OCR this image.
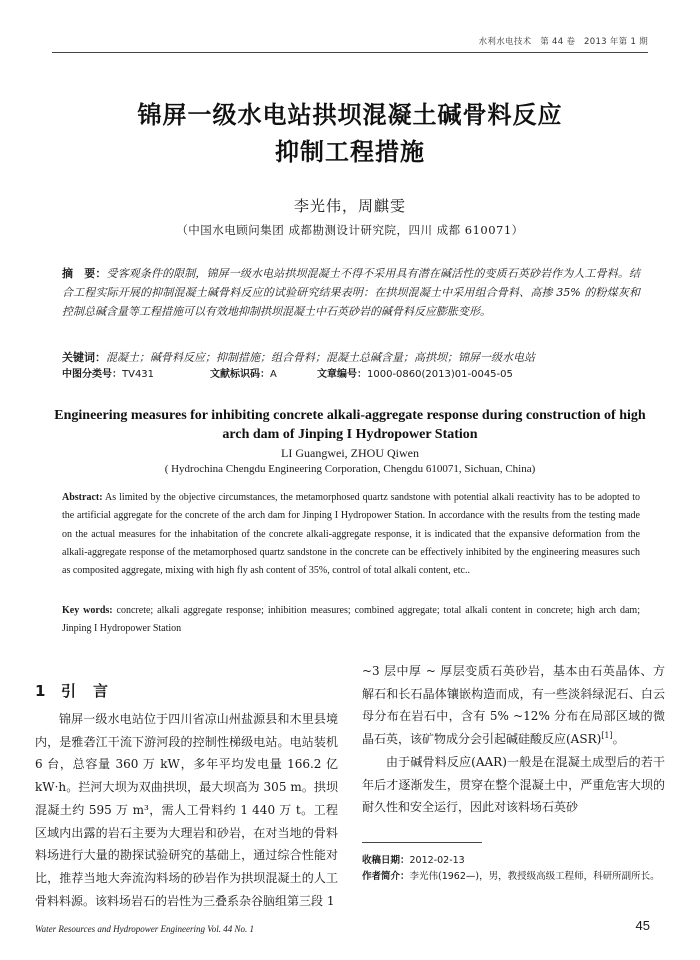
水利水电技术　第 44 卷　2013 年第 1 期
锦屏一级水电站拱坝混凝土碱骨料反应
抑制工程措施
李光伟，周麒雯
（中国水电顾问集团 成都勘测设计研究院，四川 成都 610071）
摘　要：受客观条件的限制，锦屏一级水电站拱坝混凝土不得不采用具有潜在碱活性的变质石英砂岩作为人工骨料。结合工程实际开展的抑制混凝土碱骨料反应的试验研究结果表明：在拱坝混凝土中采用组合骨料、高掺 35% 的粉煤灰和控制总碱含量等工程措施可以有效地抑制拱坝混凝土中石英砂岩的碱骨料反应膨胀变形。
关键词：混凝土；碱骨料反应；抑制措施；组合骨料；混凝土总碱含量；高拱坝；锦屏一级水电站
中图分类号：TV431	文献标识码：A	文章编号：1000-0860(2013)01-0045-05
Engineering measures for inhibiting concrete alkali-aggregate response during construction of high arch dam of Jinping I Hydropower Station
LI Guangwei, ZHOU Qiwen
( Hydrochina Chengdu Engineering Corporation, Chengdu 610071, Sichuan, China)
Abstract: As limited by the objective circumstances, the metamorphosed quartz sandstone with potential alkali reactivity has to be adopted to the artificial aggregate for the concrete of the arch dam for Jinping I Hydropower Station. In accordance with the results from the testing made on the actual measures for the inhabitation of the concrete alkali-aggregate response, it is indicated that the expansive deformation from the alkali-aggregate response of the metamorphosed quartz sandstone in the concrete can be effectively inhibited by the engineering measures such as composited aggregate, mixing with high fly ash content of 35%, control of total alkali content, etc..
Key words: concrete; alkali aggregate response; inhibition measures; combined aggregate; total alkali content in concrete; high arch dam; Jinping I Hydropower Station
1 引　言
锦屏一级水电站位于四川省凉山州盐源县和木里县境内，是雅砻江干流下游河段的控制性梯级电站。电站装机 6 台，总容量 360 万 kW，多年平均发电量 166.2 亿 kW·h。拦河大坝为双曲拱坝，最大坝高为 305 m。拱坝混凝土约 595 万 m³，需人工骨料约 1 440 万 t。工程区域内出露的岩石主要为大理岩和砂岩，在对当地的骨料料场进行大量的勘探试验研究的基础上，通过综合性能对比，推荐当地大奔流沟料场的砂岩作为拱坝混凝土的人工骨料料源。该料场岩石的岩性为三叠系杂谷脑组第三段 1

~3 层中厚 ~ 厚层变质石英砂岩，基本由石英晶体、方解石和长石晶体镶嵌构造而成，有一些淡斜绿泥石、白云母分布在岩石中，含有 5% ~12% 分布在局部区域的微晶石英，该矿物成分会引起碱硅酸反应(ASR)[1]。

由于碱骨料反应(AAR)一般是在混凝土成型后的若干年后才逐渐发生，贯穿在整个混凝土中，严重危害大坝的耐久性和安全运行，因此对该料场石英砂

收稿日期：2012-02-13
作者简介： 李光伟(1962—)，男，教授级高级工程师，科研所副所长。
Water Resources and Hydropower Engineering Vol. 44 No. 1	45
